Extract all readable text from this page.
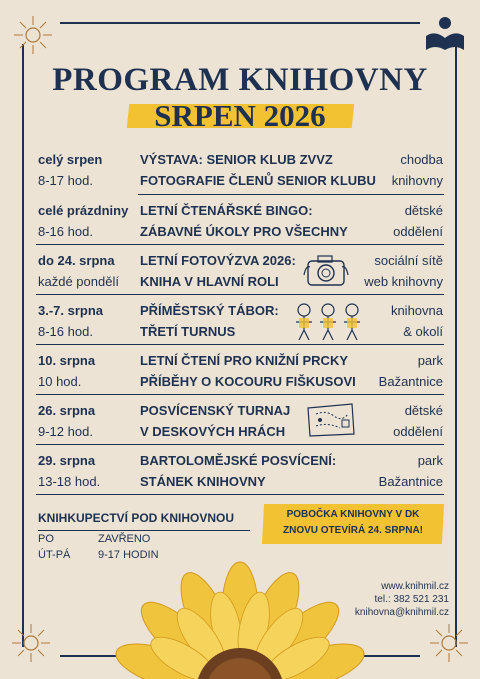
PROGRAM KNIHOVNY
SRPEN 2026
celý srpen
8-17 hod.
VÝSTAVA: SENIOR KLUB ZVVZ
FOTOGRAFIE ČLENŮ SENIOR KLUBU
chodba
knihovny
celé prázdniny
8-16 hod.
LETNÍ ČTENÁŘSKÉ BINGO:
ZÁBAVNÉ ÚKOLY PRO VŠECHNY
dětské
oddělení
do 24. srpna
každé pondělí
LETNÍ FOTOVÝZVA 2026:
KNIHA V HLAVNÍ ROLI
sociální sítě
web knihovny
3.-7. srpna
8-16 hod.
PŘÍMĚSTSKÝ TÁBOR:
TŘETÍ TURNUS
knihovna
& okolí
10. srpna
10 hod.
LETNÍ ČTENÍ PRO KNIŽNÍ PRCKY
PŘÍBĚHY O KOCOURU FIŠKUSOVI
park
Bažantnice
26. srpna
9-12 hod.
POSVÍCENSKÝ TURNAJ
V DESKOVÝCH HRÁCH
dětské
oddělení
29. srpna
13-18 hod.
BARTOLOMĚJSKÉ POSVÍCENÍ:
STÁNEK KNIHOVNY
park
Bažantnice
KNIHKUPECTVÍ POD KNIHOVNOU
PO
ÚT-PÁ
ZAVŘENO
9-17 HODIN
POBOČKA KNIHOVNY V DK
ZNOVU OTEVÍRÁ 24. SRPNA!
www.knihmil.cz
tel.: 382 521 231
knihovna@knihmil.cz
